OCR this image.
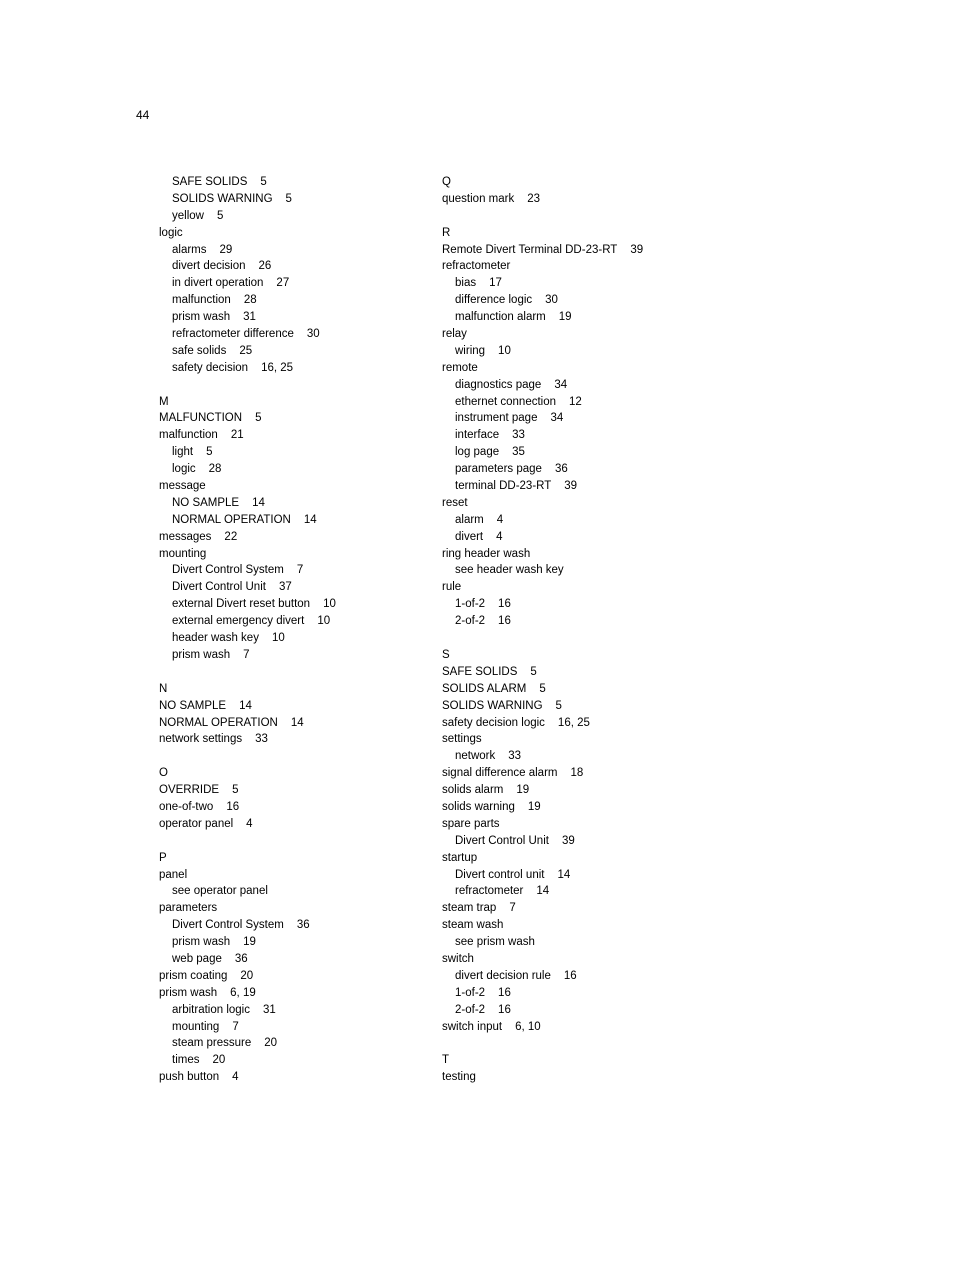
44
SAFE SOLIDS 5
SOLIDS WARNING 5
yellow 5
logic
alarms 29
divert decision 26
in divert operation 27
malfunction 28
prism wash 31
refractometer difference 30
safe solids 25
safety decision 16, 25
M
MALFUNCTION 5
malfunction 21
light 5
logic 28
message
NO SAMPLE 14
NORMAL OPERATION 14
messages 22
mounting
Divert Control System 7
Divert Control Unit 37
external Divert reset button 10
external emergency divert 10
header wash key 10
prism wash 7
N
NO SAMPLE 14
NORMAL OPERATION 14
network settings 33
O
OVERRIDE 5
one-of-two 16
operator panel 4
P
panel
see operator panel
parameters
Divert Control System 36
prism wash 19
web page 36
prism coating 20
prism wash 6, 19
arbitration logic 31
mounting 7
steam pressure 20
times 20
push button 4
Q
question mark 23
R
Remote Divert Terminal DD-23-RT 39
refractometer
bias 17
difference logic 30
malfunction alarm 19
relay
wiring 10
remote
diagnostics page 34
ethernet connection 12
instrument page 34
interface 33
log page 35
parameters page 36
terminal DD-23-RT 39
reset
alarm 4
divert 4
ring header wash
see header wash key
rule
1-of-2 16
2-of-2 16
S
SAFE SOLIDS 5
SOLIDS ALARM 5
SOLIDS WARNING 5
safety decision logic 16, 25
settings
network 33
signal difference alarm 18
solids alarm 19
solids warning 19
spare parts
Divert Control Unit 39
startup
Divert control unit 14
refractometer 14
steam trap 7
steam wash
see prism wash
switch
divert decision rule 16
1-of-2 16
2-of-2 16
switch input 6, 10
T
testing
